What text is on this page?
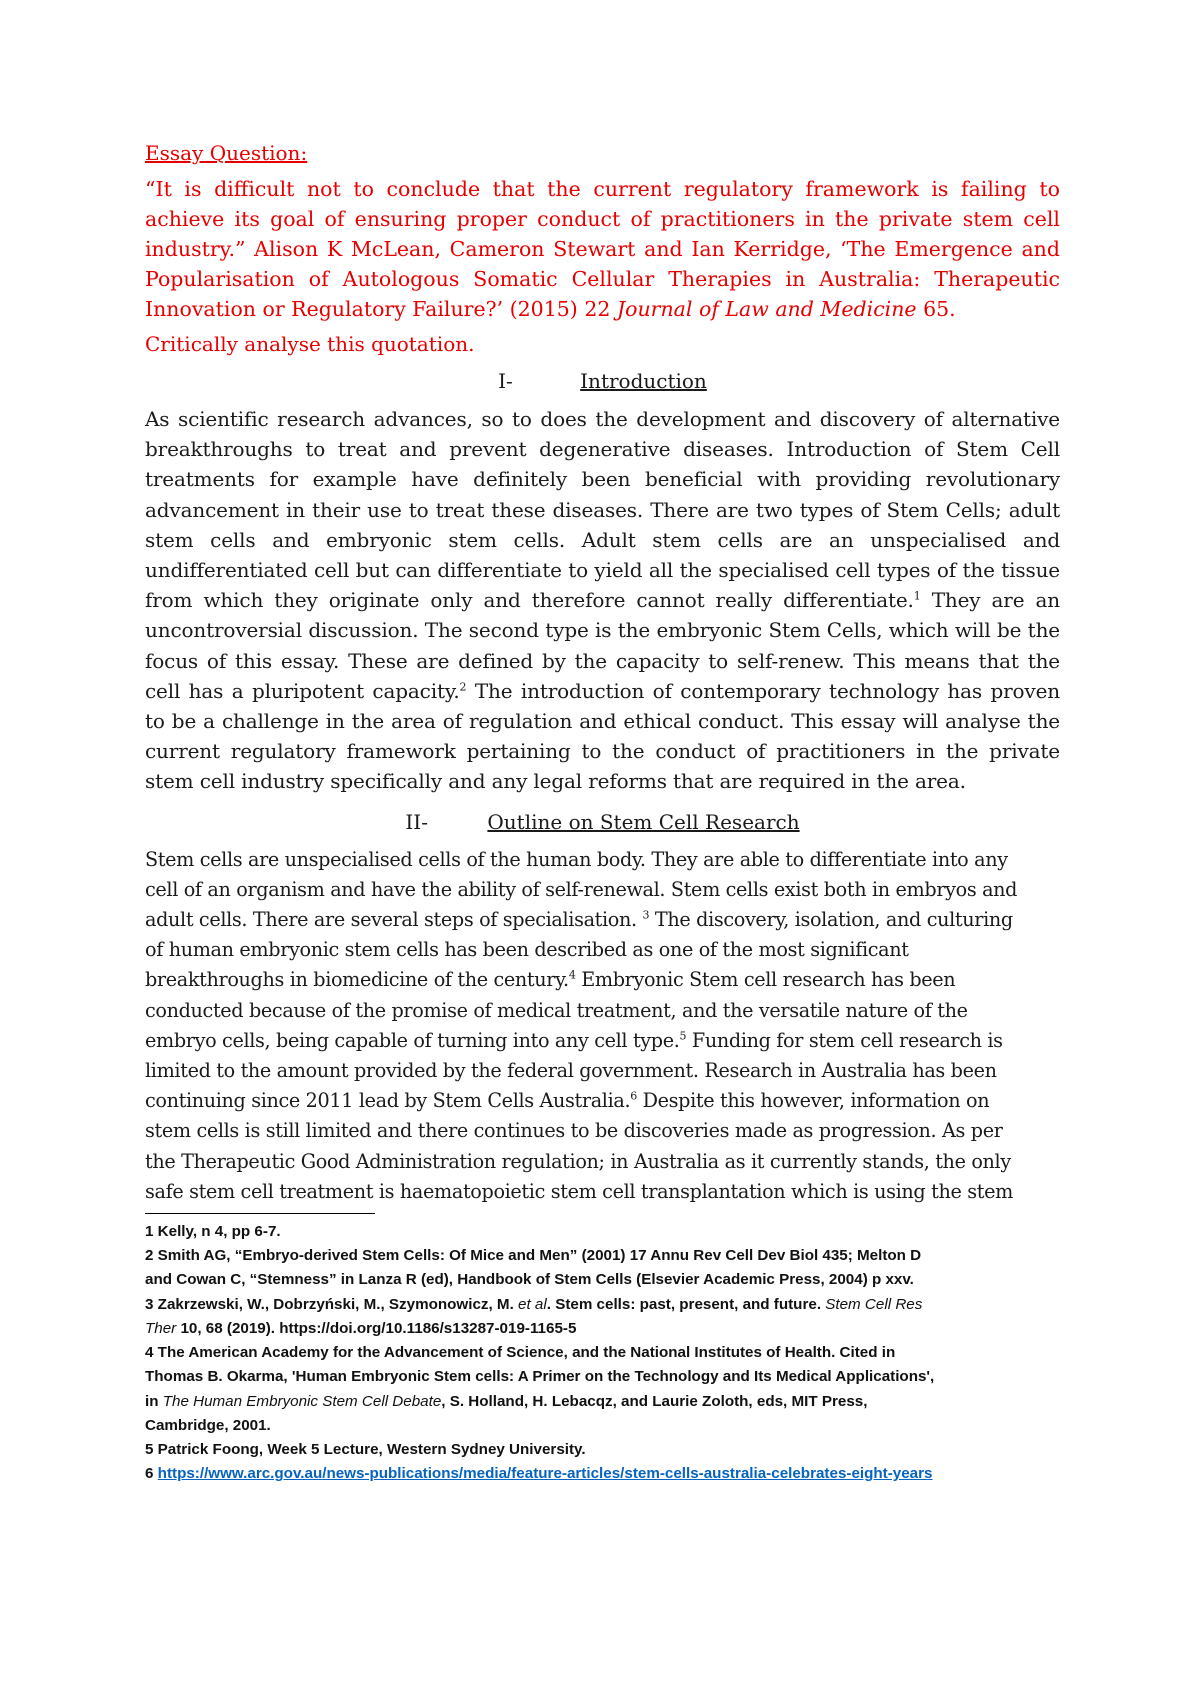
Essay Question:

“It is difficult not to conclude that the current regulatory framework is failing to achieve its goal of ensuring proper conduct of practitioners in the private stem cell industry.” Alison K McLean, Cameron Stewart and Ian Kerridge, ‘The Emergence and Popularisation of Autologous Somatic Cellular Therapies in Australia: Therapeutic Innovation or Regulatory Failure?’ (2015) 22 Journal of Law and Medicine 65.

Critically analyse this quotation.

I-	Introduction

As scientific research advances, so to does the development and discovery of alternative breakthroughs to treat and prevent degenerative diseases. Introduction of Stem Cell treatments for example have definitely been beneficial with providing revolutionary advancement in their use to treat these diseases. There are two types of Stem Cells; adult stem cells and embryonic stem cells. Adult stem cells are an unspecialised and undifferentiated cell but can differentiate to yield all the specialised cell types of the tissue from which they originate only and therefore cannot really differentiate.$^1$ They are an uncontroversial discussion. The second type is the embryonic Stem Cells, which will be the focus of this essay. These are defined by the capacity to self-renew. This means that the cell has a pluripotent capacity.$^2$ The introduction of contemporary technology has proven to be a challenge in the area of regulation and ethical conduct. This essay will analyse the current regulatory framework pertaining to the conduct of practitioners in the private stem cell industry specifically and any legal reforms that are required in the area.

II-	Outline on Stem Cell Research

Stem cells are unspecialised cells of the human body. They are able to differentiate into any
cell of an organism and have the ability of self-renewal. Stem cells exist both in embryos and
adult cells. There are several steps of specialisation. $^3$ The discovery, isolation, and culturing
of human embryonic stem cells has been described as one of the most significant
breakthroughs in biomedicine of the century.$^4$ Embryonic Stem cell research has been
conducted because of the promise of medical treatment, and the versatile nature of the
embryo cells, being capable of turning into any cell type.$^5$ Funding for stem cell research is
limited to the amount provided by the federal government. Research in Australia has been
continuing since 2011 lead by Stem Cells Australia.$^6$ Despite this however, information on
stem cells is still limited and there continues to be discoveries made as progression. As per
the Therapeutic Good Administration regulation; in Australia as it currently stands, the only
safe stem cell treatment is haematopoietic stem cell transplantation which is using the stem

1 Kelly, n 4, pp 6-7.
2 Smith AG, “Embryo-derived Stem Cells: Of Mice and Men” (2001) 17 Annu Rev Cell Dev Biol 435; Melton D
and Cowan C, “Stemness” in Lanza R (ed), Handbook of Stem Cells (Elsevier Academic Press, 2004) p xxv.
3 Zakrzewski, W., Dobrzyński, M., Szymonowicz, M. et al. Stem cells: past, present, and future. Stem Cell Res
Ther 10, 68 (2019). https://doi.org/10.1186/s13287-019-1165-5
4 The American Academy for the Advancement of Science, and the National Institutes of Health. Cited in
Thomas B. Okarma, 'Human Embryonic Stem cells: A Primer on the Technology and Its Medical Applications',
in The Human Embryonic Stem Cell Debate, S. Holland, H. Lebacqz, and Laurie Zoloth, eds, MIT Press,
Cambridge, 2001.
5 Patrick Foong, Week 5 Lecture, Western Sydney University.
6 https://www.arc.gov.au/news-publications/media/feature-articles/stem-cells-australia-celebrates-eight-years
